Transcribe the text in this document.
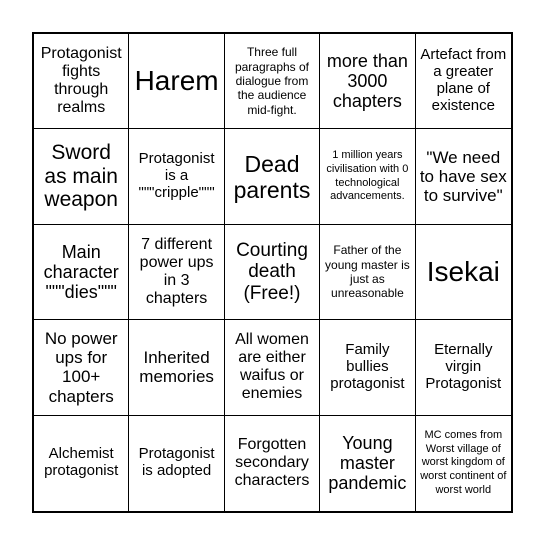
Protagonist fights through realms
Harem
Three full paragraphs of dialogue from the audience mid-fight.
more than 3000 chapters
Artefact from a greater plane of existence
Sword as main weapon
Protagonist is a """cripple"""
Dead parents
1 million years civilisation with 0 technological advancements.
"We need to have sex to survive"
Main character """dies"""
7 different power ups in 3 chapters
Courting death (Free!)
Father of the young master is just as unreasonable
Isekai
No power ups for 100+ chapters
Inherited memories
All women are either waifus or enemies
Family bullies protagonist
Eternally virgin Protagonist
Alchemist protagonist
Protagonist is adopted
Forgotten secondary characters
Young master pandemic
MC comes from Worst village of worst kingdom of worst continent of worst world
